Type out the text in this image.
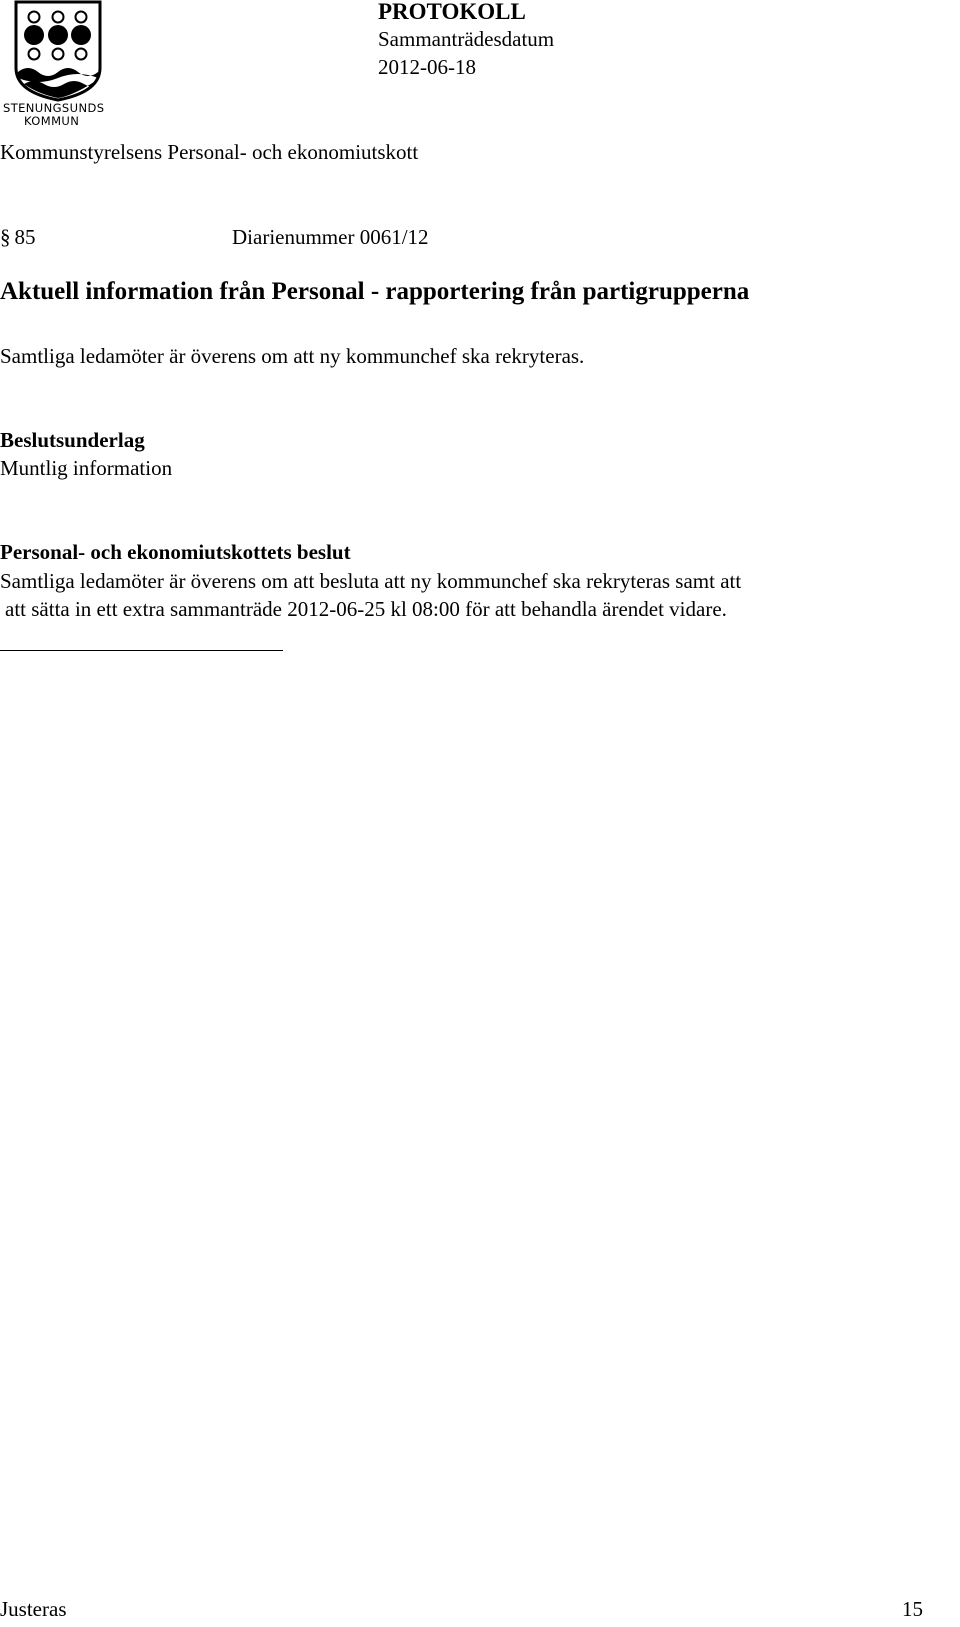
STENUNGSUNDS
KOMMUN
PROTOKOLL
Sammanträdesdatum
2012-06-18
Kommunstyrelsens Personal- och ekonomiutskott
§ 85	Diarienummer 0061/12
Aktuell information från Personal - rapportering från partigrupperna
Samtliga ledamöter är överens om att ny kommunchef ska rekryteras.
Beslutsunderlag
Muntlig information
Personal- och ekonomiutskottets beslut
Samtliga ledamöter är överens om att besluta att ny kommunchef ska rekryteras samt att
att sätta in ett extra sammanträde 2012-06-25 kl 08:00 för att behandla ärendet vidare.
Justeras	15
